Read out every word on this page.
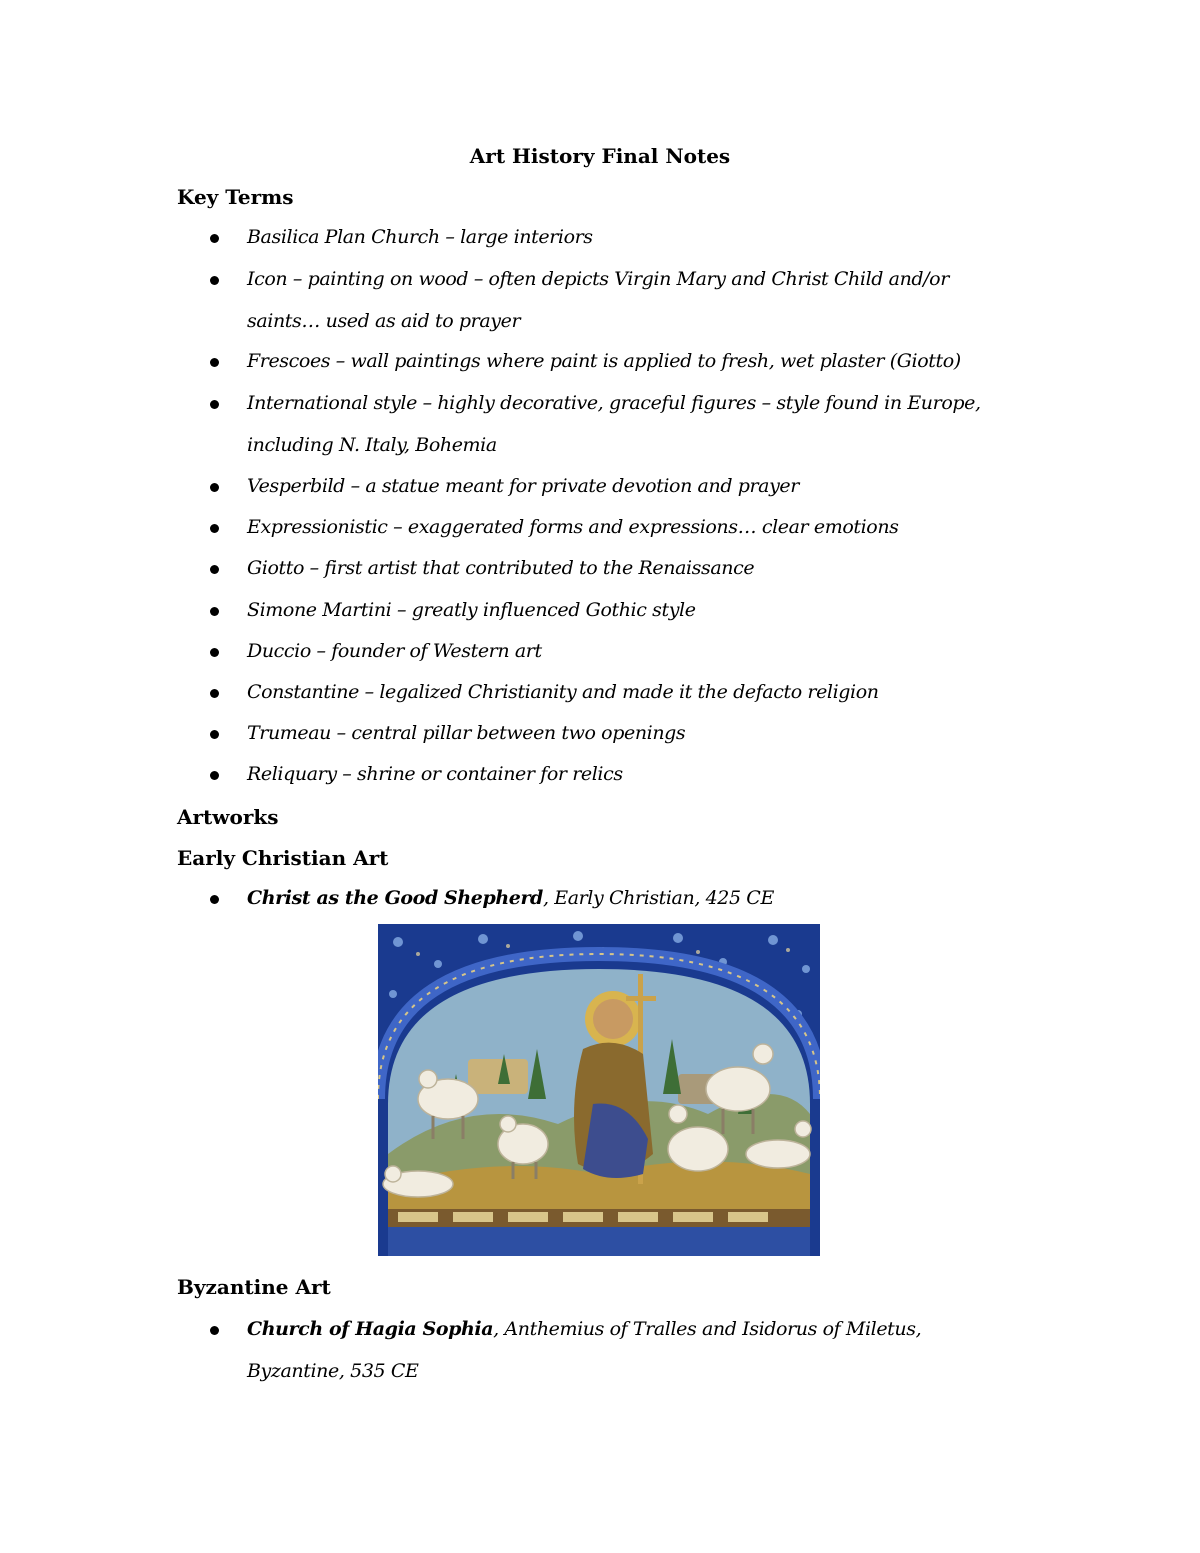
Art History Final Notes
Key Terms
Basilica Plan Church – large interiors
Icon – painting on wood – often depicts Virgin Mary and Christ Child and/or
saints… used as aid to prayer
Frescoes – wall paintings where paint is applied to fresh, wet plaster (Giotto)
International style – highly decorative, graceful figures – style found in Europe,
including N. Italy, Bohemia
Vesperbild – a statue meant for private devotion and prayer
Expressionistic – exaggerated forms and expressions… clear emotions
Giotto – first artist that contributed to the Renaissance
Simone Martini – greatly influenced Gothic style
Duccio – founder of Western art
Constantine – legalized Christianity and made it the defacto religion
Trumeau – central pillar between two openings
Reliquary – shrine or container for relics
Artworks
Early Christian Art
Christ as the Good Shepherd, Early Christian, 425 CE
Byzantine Art
Church of Hagia Sophia, Anthemius of Tralles and Isidorus of Miletus,
Byzantine, 535 CE
